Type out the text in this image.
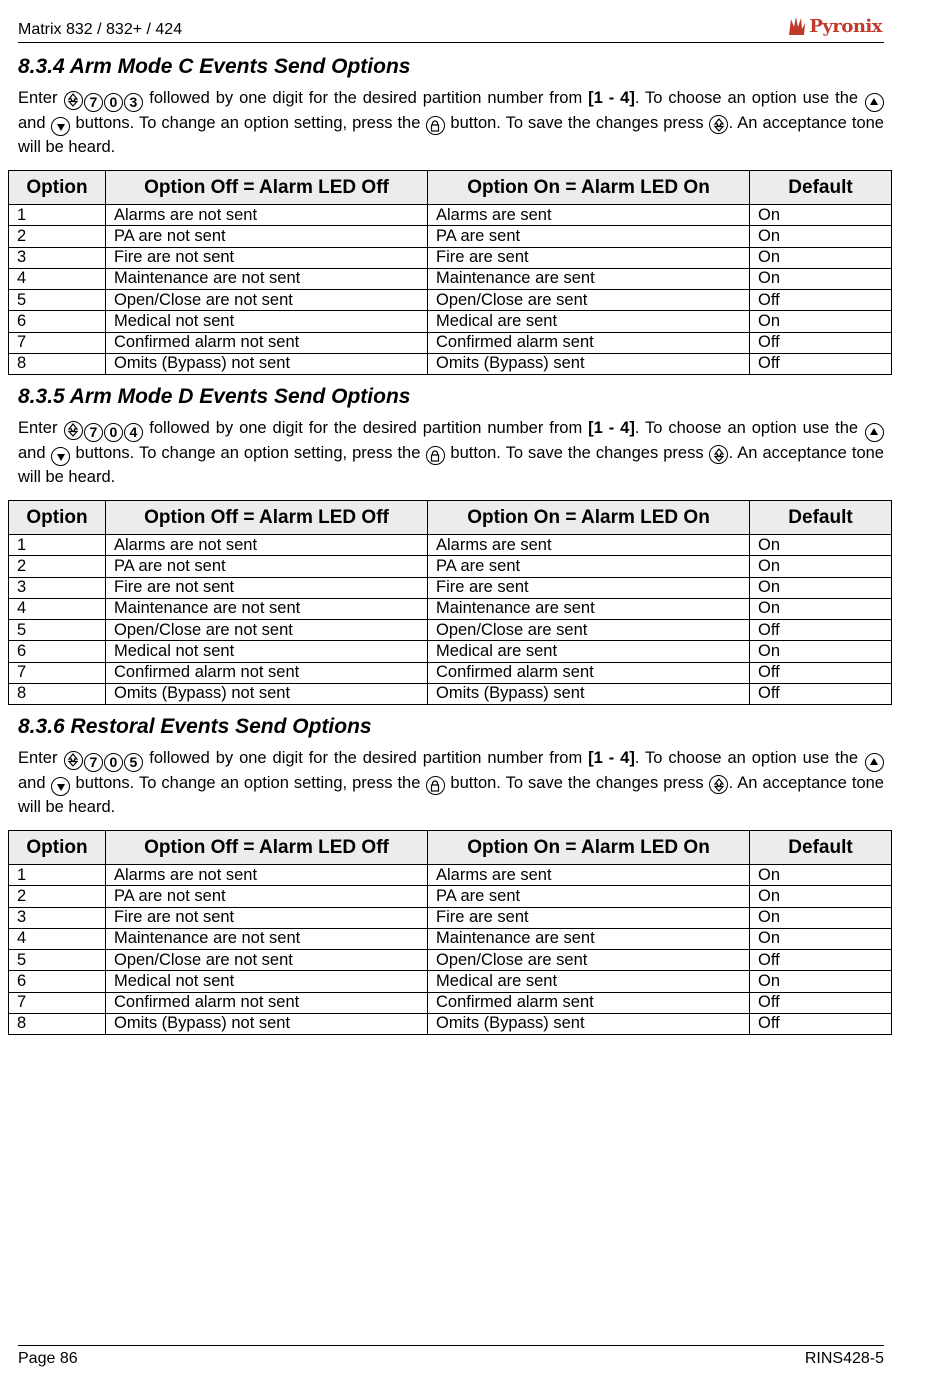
Matrix 832 / 832+ / 424	Pyronix
8.3.4 Arm Mode C Events Send Options

Enter 7 0 3 followed by one digit for the desired partition number from [1 - 4]. To choose an option use the
and
buttons. To change an option setting, press the
button. To save the changes press
. An acceptance tone will be heard.

Option	Option Off = Alarm LED Off	Option On = Alarm LED On	Default
1	Alarms are not sent	Alarms are sent	On
2	PA are not sent	PA are sent	On
3	Fire are not sent	Fire are sent	On
4	Maintenance are not sent	Maintenance are sent	On
5	Open/Close are not sent	Open/Close are sent	Off
6	Medical not sent	Medical are sent	On
7	Confirmed alarm not sent	Confirmed alarm sent	Off
8	Omits (Bypass) not sent	Omits (Bypass) sent	Off
8.3.5 Arm Mode D Events Send Options

Enter 7 0 4 followed by one digit for the desired partition number from [1 - 4]. To choose an option use the
and
buttons. To change an option setting, press the
button. To save the changes press
. An acceptance tone will be heard.

Option	Option Off = Alarm LED Off	Option On = Alarm LED On	Default
1	Alarms are not sent	Alarms are sent	On
2	PA are not sent	PA are sent	On
3	Fire are not sent	Fire are sent	On
4	Maintenance are not sent	Maintenance are sent	On
5	Open/Close are not sent	Open/Close are sent	Off
6	Medical not sent	Medical are sent	On
7	Confirmed alarm not sent	Confirmed alarm sent	Off
8	Omits (Bypass) not sent	Omits (Bypass) sent	Off
8.3.6 Restoral Events Send Options

Enter 7 0 5 followed by one digit for the desired partition number from [1 - 4]. To choose an option use the
and
buttons. To change an option setting, press the
button. To save the changes press
. An acceptance tone will be heard.

Option	Option Off = Alarm LED Off	Option On = Alarm LED On	Default
1	Alarms are not sent	Alarms are sent	On
2	PA are not sent	PA are sent	On
3	Fire are not sent	Fire are sent	On
4	Maintenance are not sent	Maintenance are sent	On
5	Open/Close are not sent	Open/Close are sent	Off
6	Medical not sent	Medical are sent	On
7	Confirmed alarm not sent	Confirmed alarm sent	Off
8	Omits (Bypass) not sent	Omits (Bypass) sent	Off
Page 86	RINS428-5
